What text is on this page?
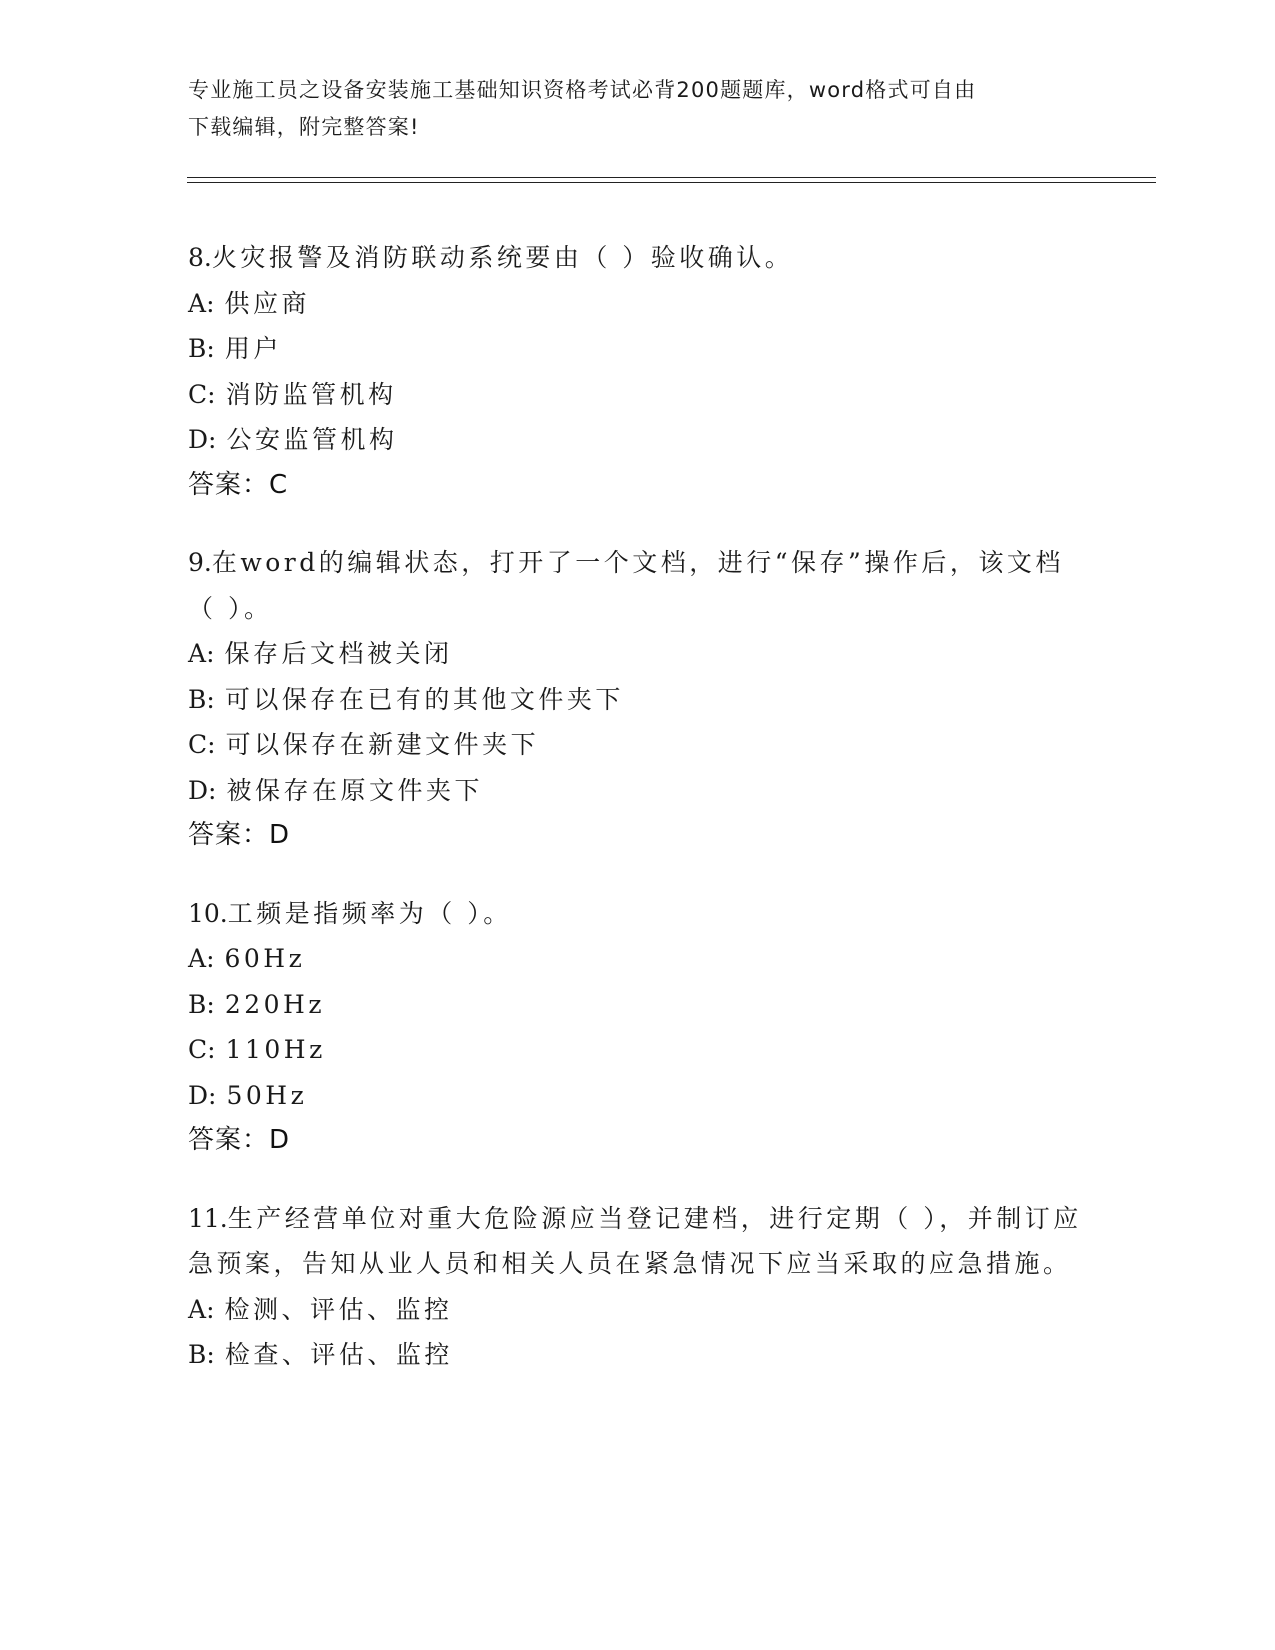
专业施工员之设备安装施工基础知识资格考试必背200题题库，word格式可自由
下载编辑，附完整答案!
8.火灾报警及消防联动系统要由（ ）验收确认。
A: 供应商
B: 用户
C: 消防监管机构
D: 公安监管机构
答案：C
9.在word的编辑状态，打开了一个文档，进行“保存”操作后，该文档（ ）。
A: 保存后文档被关闭
B: 可以保存在已有的其他文件夹下
C: 可以保存在新建文件夹下
D: 被保存在原文件夹下
答案：D
10.工频是指频率为（ ）。
A: 60Hz
B: 220Hz
C: 110Hz
D: 50Hz
答案：D
11.生产经营单位对重大危险源应当登记建档，进行定期（ ），并制订应急预案，告知从业人员和相关人员在紧急情况下应当采取的应急措施。
A: 检测、评估、监控
B: 检查、评估、监控
